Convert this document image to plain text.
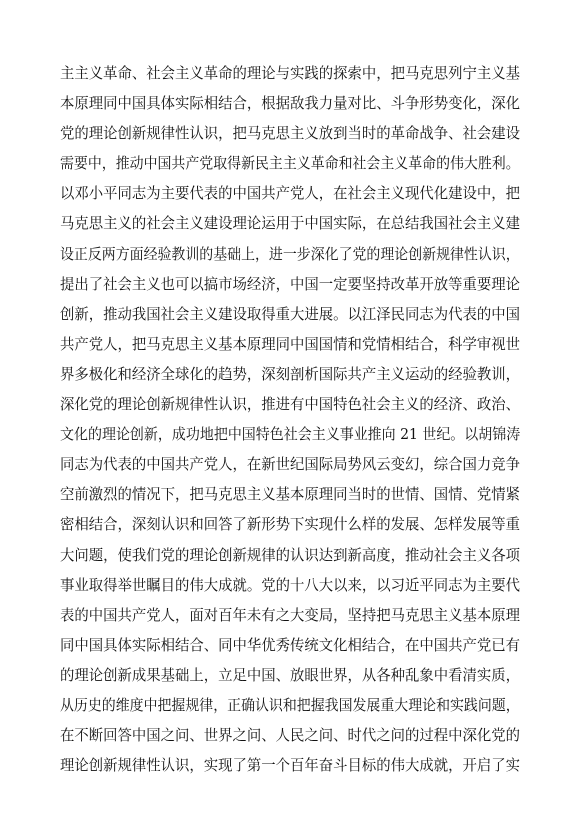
主主义革命、社会主义革命的理论与实践的探索中，把马克思列宁主义基
本原理同中国具体实际相结合，根据敌我力量对比、斗争形势变化，深化
党的理论创新规律性认识，把马克思主义放到当时的革命战争、社会建设
需要中，推动中国共产党取得新民主主义革命和社会主义革命的伟大胜利。
以邓小平同志为主要代表的中国共产党人，在社会主义现代化建设中，把
马克思主义的社会主义建设理论运用于中国实际，在总结我国社会主义建
设正反两方面经验教训的基础上，进一步深化了党的理论创新规律性认识，
提出了社会主义也可以搞市场经济，中国一定要坚持改革开放等重要理论
创新，推动我国社会主义建设取得重大进展。以江泽民同志为代表的中国
共产党人，把马克思主义基本原理同中国国情和党情相结合，科学审视世
界多极化和经济全球化的趋势，深刻剖析国际共产主义运动的经验教训，
深化党的理论创新规律性认识，推进有中国特色社会主义的经济、政治、
文化的理论创新，成功地把中国特色社会主义事业推向 21 世纪。以胡锦涛
同志为代表的中国共产党人，在新世纪国际局势风云变幻，综合国力竞争
空前激烈的情况下，把马克思主义基本原理同当时的世情、国情、党情紧
密相结合，深刻认识和回答了新形势下实现什么样的发展、怎样发展等重
大问题，使我们党的理论创新规律的认识达到新高度，推动社会主义各项
事业取得举世瞩目的伟大成就。党的十八大以来，以习近平同志为主要代
表的中国共产党人，面对百年未有之大变局，坚持把马克思主义基本原理
同中国具体实际相结合、同中华优秀传统文化相结合，在中国共产党已有
的理论创新成果基础上，立足中国、放眼世界，从各种乱象中看清实质，
从历史的维度中把握规律，正确认识和把握我国发展重大理论和实践问题，
在不断回答中国之问、世界之问、人民之问、时代之问的过程中深化党的
理论创新规律性认识，实现了第一个百年奋斗目标的伟大成就，开启了实
